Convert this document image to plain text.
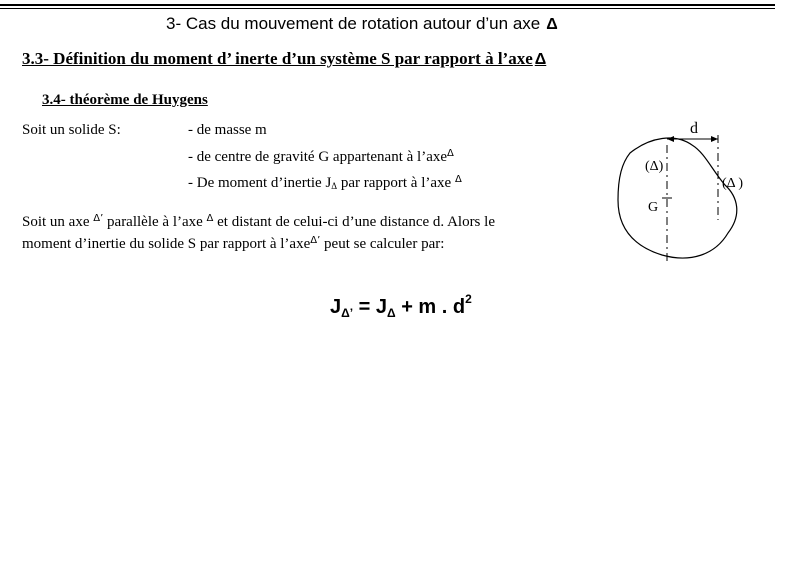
3- Cas du mouvement de rotation autour d’un axe Δ
3.3- Définition du moment d’ inerte d’un système S par rapport à l’axe Δ
3.4- théorème de Huygens
Soit un solide S:	- de masse m
- de centre de gravité G appartenant à l’axe$^\Delta$
- De moment d’inertie $J_\Delta$ par rapport à l’axe $^\Delta$
Soit un axe $^{\Delta’}$ parallèle à l’axe $^\Delta$ et distant de celui-ci d’une distance d. Alors le
moment d’inertie du solide S par rapport à l’axe$^{\Delta’}$ peut se calculer par:
$J_{\Delta’} = J_\Delta + m$ . $d^2$
d
(Δ)
(Δ )
G
